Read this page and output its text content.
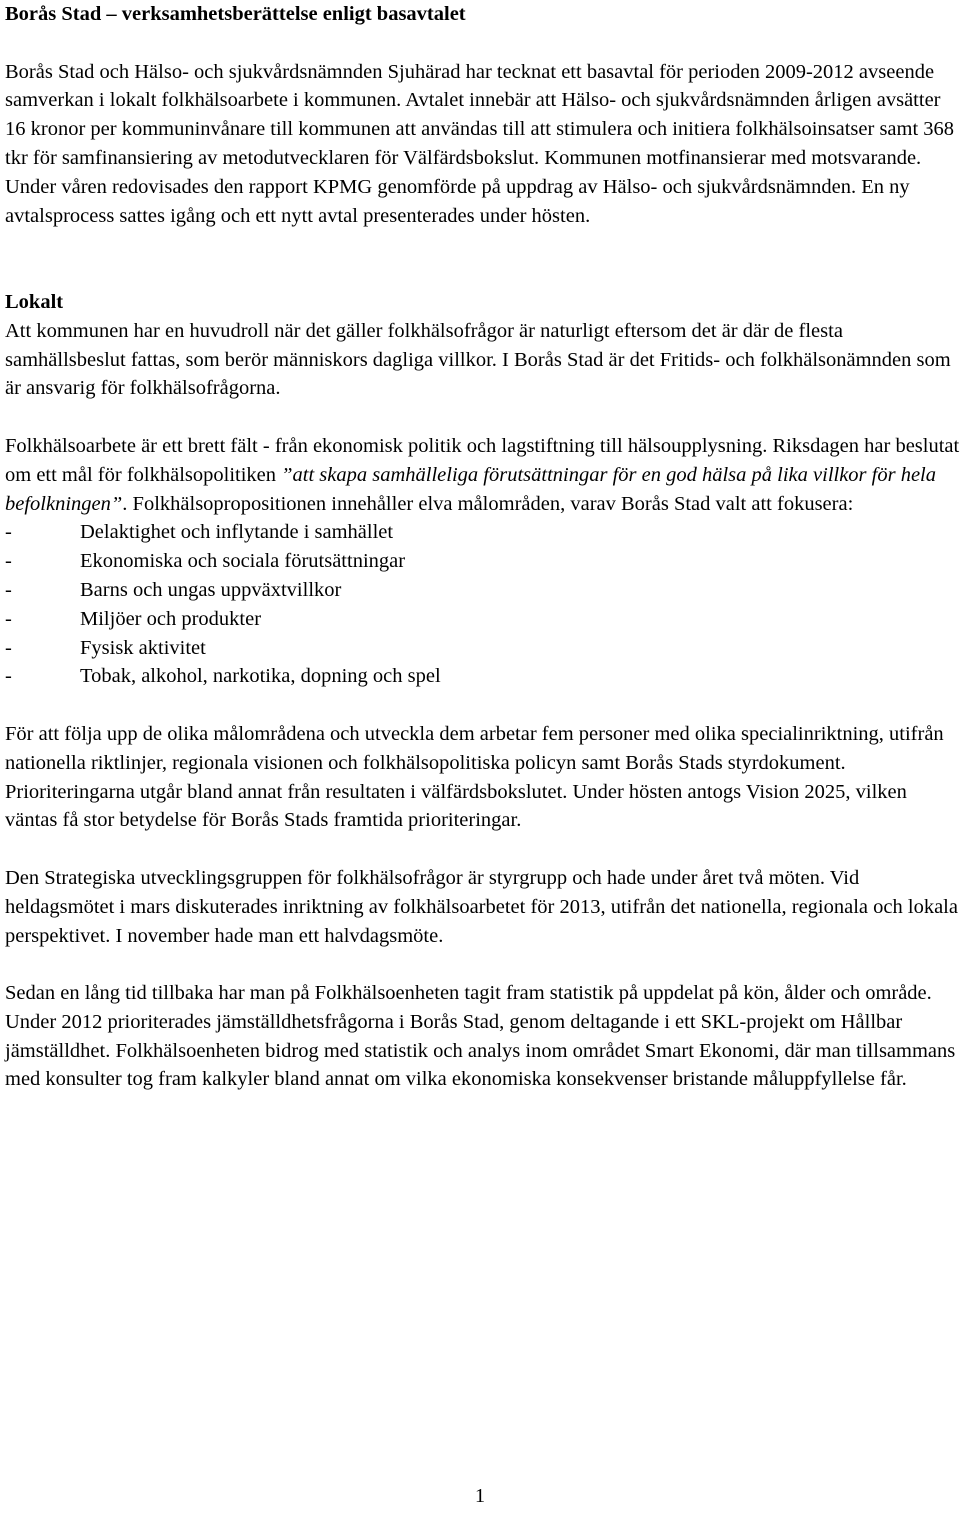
Borås Stad – verksamhetsberättelse enligt basavtalet

Borås Stad och Hälso- och sjukvårdsnämnden Sjuhärad har tecknat ett basavtal för perioden 2009-2012 avseende samverkan i lokalt folkhälsoarbete i kommunen. Avtalet innebär att Hälso- och sjukvårdsnämnden årligen avsätter 16 kronor per kommuninvånare till kommunen att användas till att stimulera och initiera folkhälsoinsatser samt 368 tkr för samfinansiering av metodutvecklaren för Välfärdsbokslut. Kommunen motfinansierar med motsvarande. Under våren redovisades den rapport KPMG genomförde på uppdrag av Hälso- och sjukvårdsnämnden. En ny avtalsprocess sattes igång och ett nytt avtal presenterades under hösten.

Lokalt

Att kommunen har en huvudroll när det gäller folkhälsofrågor är naturligt eftersom det är där de flesta samhällsbeslut fattas, som berör människors dagliga villkor. I Borås Stad är det Fritids- och folkhälsonämnden som är ansvarig för folkhälsofrågorna.

Folkhälsoarbete är ett brett fält - från ekonomisk politik och lagstiftning till hälsoupplysning. Riksdagen har beslutat om ett mål för folkhälsopolitiken ”att skapa samhälleliga förutsättningar för en god hälsa på lika villkor för hela befolkningen”. Folkhälsopropositionen innehåller elva målområden, varav Borås Stad valt att fokusera:

-	Delaktighet och inflytande i samhället
-	Ekonomiska och sociala förutsättningar
-	Barns och ungas uppväxtvillkor
-	Miljöer och produkter
-	Fysisk aktivitet
-	Tobak, alkohol, narkotika, dopning och spel

För att följa upp de olika målområdena och utveckla dem arbetar fem personer med olika specialinriktning, utifrån nationella riktlinjer, regionala visionen och folkhälsopolitiska policyn samt Borås Stads styrdokument. Prioriteringarna utgår bland annat från resultaten i välfärdsbokslutet. Under hösten antogs Vision 2025, vilken väntas få stor betydelse för Borås Stads framtida prioriteringar.

Den Strategiska utvecklingsgruppen för folkhälsofrågor är styrgrupp och hade under året två möten. Vid heldagsmötet i mars diskuterades inriktning av folkhälsoarbetet för 2013, utifrån det nationella, regionala och lokala perspektivet. I november hade man ett halvdagsmöte.

Sedan en lång tid tillbaka har man på Folkhälsoenheten tagit fram statistik på uppdelat på kön, ålder och område. Under 2012 prioriterades jämställdhetsfrågorna i Borås Stad, genom deltagande i ett SKL-projekt om Hållbar jämställdhet. Folkhälsoenheten bidrog med statistik och analys inom området Smart Ekonomi, där man tillsammans med konsulter tog fram kalkyler bland annat om vilka ekonomiska konsekvenser bristande måluppfyllelse får.

1
